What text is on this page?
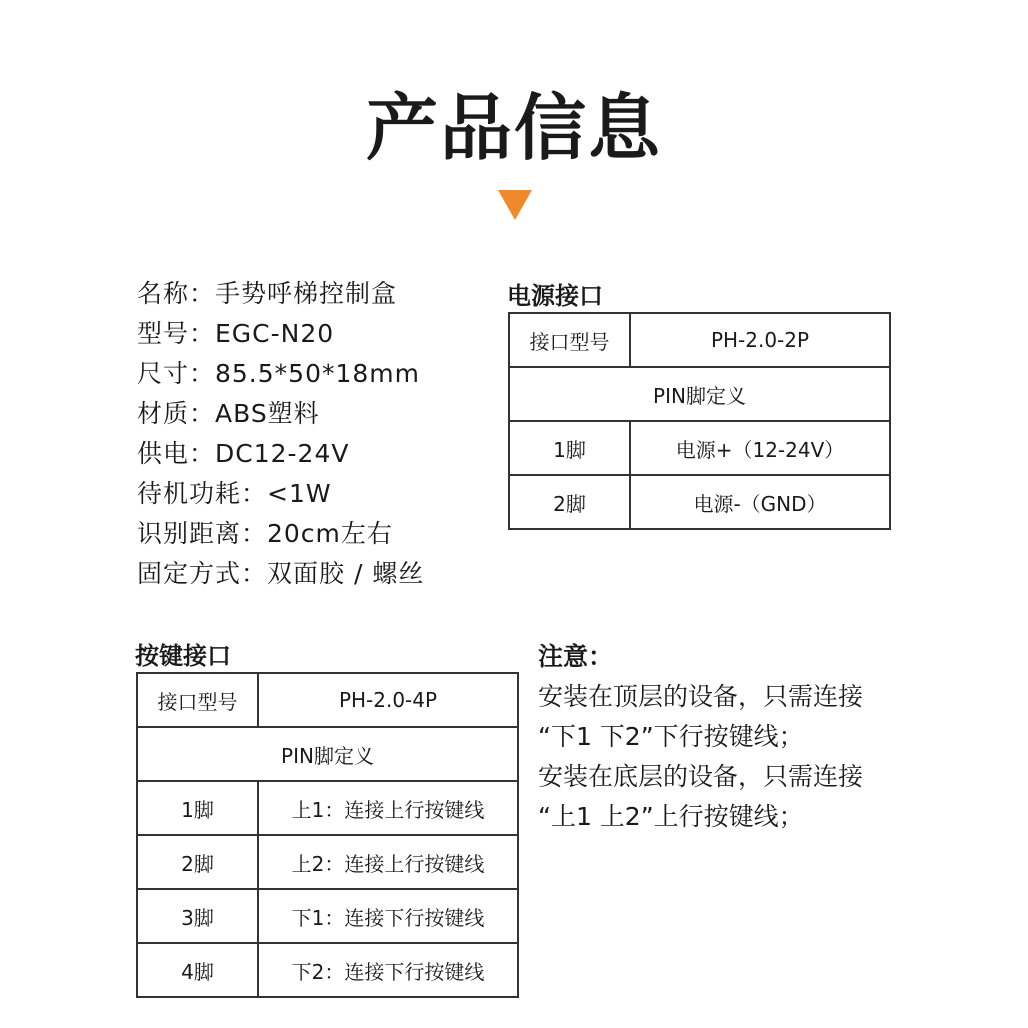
产品信息
名称：手势呼梯控制盒
型号：EGC-N20
尺寸：85.5*50*18mm
材质：ABS塑料
供电：DC12-24V
待机功耗：<1W
识别距离：20cm左右
固定方式：双面胶 / 螺丝
电源接口
接口型号	PH-2.0-2P
PIN脚定义	
1脚	电源+（12-24V）
2脚	电源-（GND）
按键接口
接口型号	PH-2.0-4P
PIN脚定义	
1脚	上1：连接上行按键线
2脚	上2：连接上行按键线
3脚	下1：连接下行按键线
4脚	下2：连接下行按键线
注意：
安装在顶层的设备，只需连接
“下1 下2”下行按键线；
安装在底层的设备，只需连接
“上1 上2”上行按键线；
